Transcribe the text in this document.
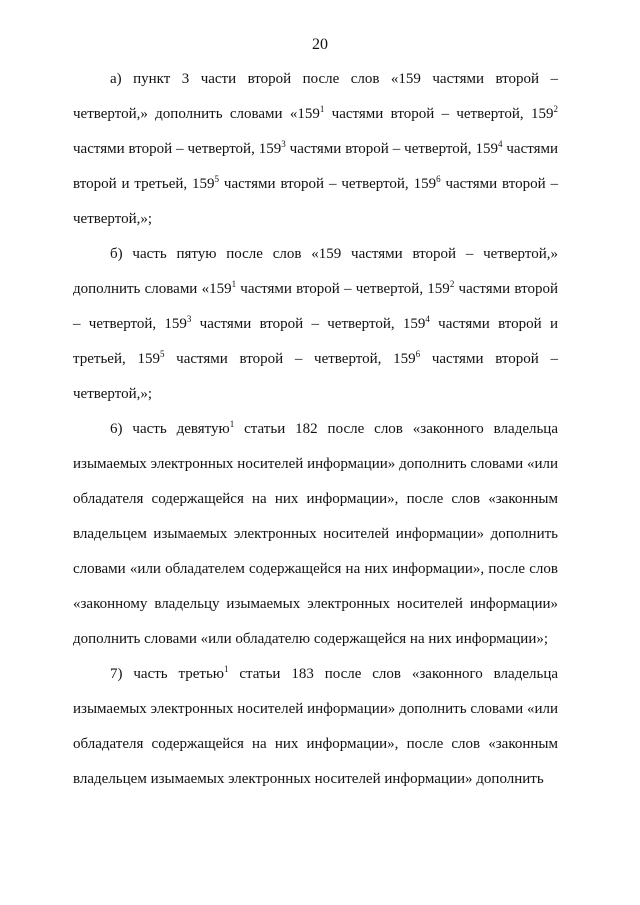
20

а) пункт 3 части второй после слов «159 частями второй – четвертой,» дополнить словами «$159^1$ частями второй – четвертой, $159^2$ частями второй – четвертой, $159^3$ частями второй – четвертой, $159^4$ частями второй и третьей, $159^5$ частями второй – четвертой, $159^6$ частями второй – четвертой,»;

б) часть пятую после слов «159 частями второй – четвертой,» дополнить словами «$159^1$ частями второй – четвертой, $159^2$ частями второй – четвертой, $159^3$ частями второй – четвертой, $159^4$ частями второй и третьей, $159^5$ частями второй – четвертой, $159^6$ частями второй – четвертой,»;

6) часть девятую$^1$ статьи 182 после слов «законного владельца изымаемых электронных носителей информации» дополнить словами «или обладателя содержащейся на них информации», после слов «законным владельцем изымаемых электронных носителей информации» дополнить словами «или обладателем содержащейся на них информации», после слов «законному владельцу изымаемых электронных носителей информации» дополнить словами «или обладателю содержащейся на них информации»;

7) часть третью$^1$ статьи 183 после слов «законного владельца изымаемых электронных носителей информации» дополнить словами «или обладателя содержащейся на них информации», после слов «законным владельцем изымаемых электронных носителей информации» дополнить
